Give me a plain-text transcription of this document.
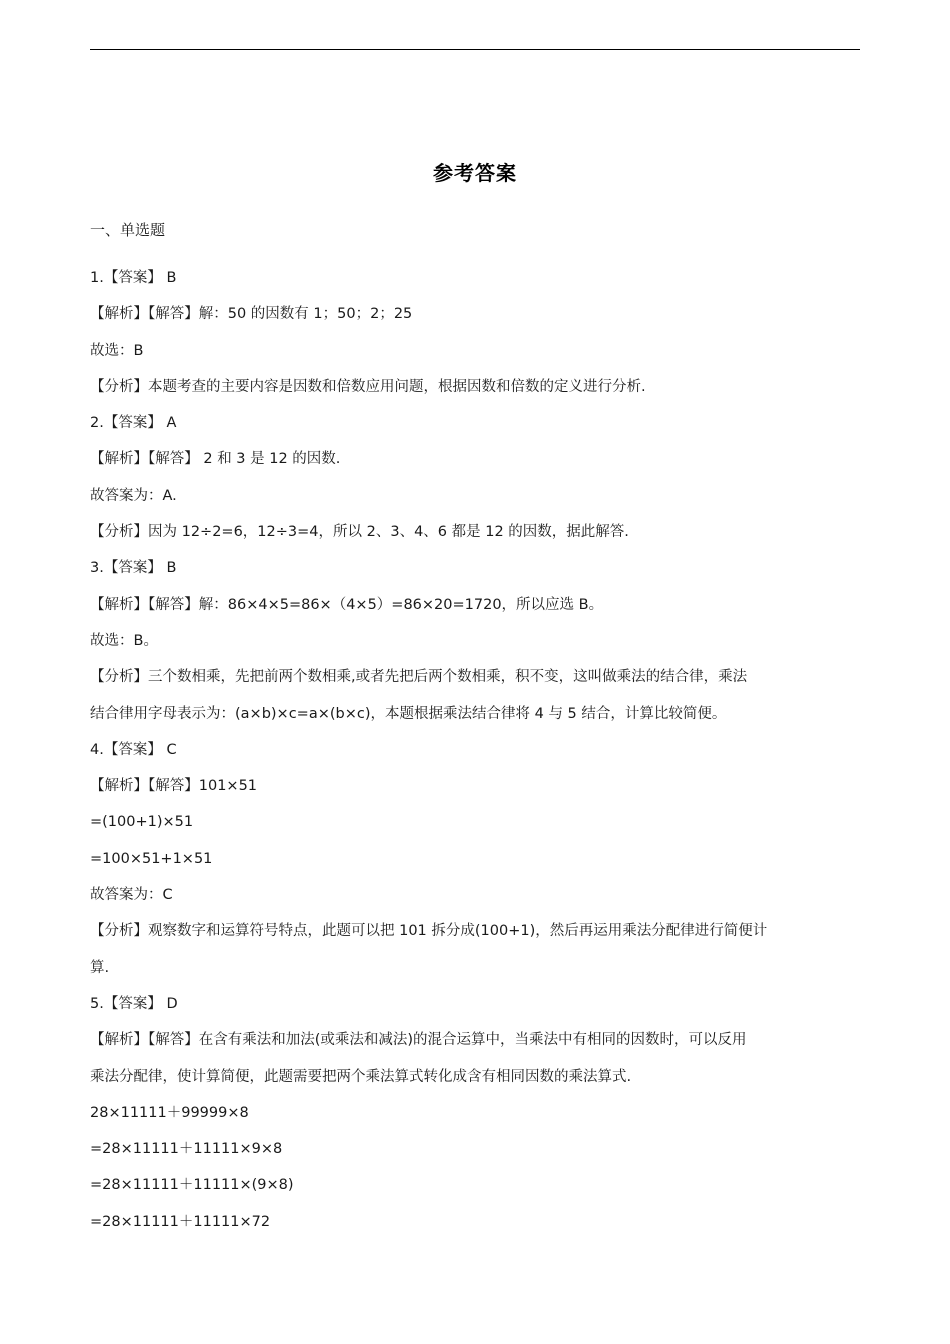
参考答案
一、单选题
1.【答案】 B
【解析】【解答】解：50 的因数有 1；50；2；25
故选：B
【分析】本题考查的主要内容是因数和倍数应用问题，根据因数和倍数的定义进行分析.
2.【答案】 A
【解析】【解答】 2 和 3 是 12 的因数.
故答案为：A.
【分析】因为 12÷2=6，12÷3=4，所以 2、3、4、6 都是 12 的因数，据此解答.
3.【答案】 B
【解析】【解答】解：86×4×5=86×（4×5）=86×20=1720，所以应选 B。
故选：B。
【分析】三个数相乘，先把前两个数相乘,或者先把后两个数相乘，积不变，这叫做乘法的结合律，乘法
结合律用字母表示为：(a×b)×c=a×(b×c)，本题根据乘法结合律将 4 与 5 结合，计算比较简便。
4.【答案】 C
【解析】【解答】101×51
=(100+1)×51
=100×51+1×51
故答案为：C
【分析】观察数字和运算符号特点，此题可以把 101 拆分成(100+1)，然后再运用乘法分配律进行简便计
算.
5.【答案】 D
【解析】【解答】在含有乘法和加法(或乘法和减法)的混合运算中，当乘法中有相同的因数时，可以反用
乘法分配律，使计算简便，此题需要把两个乘法算式转化成含有相同因数的乘法算式.
28×11111＋99999×8
=28×11111＋11111×9×8
=28×11111＋11111×(9×8)
=28×11111＋11111×72
